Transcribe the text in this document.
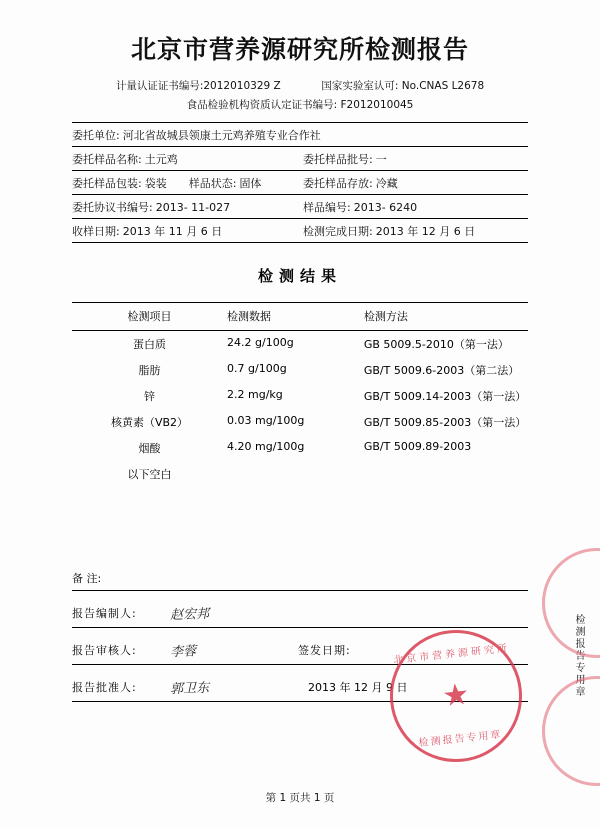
北京市营养源研究所检测报告
计量认证证书编号:2012010329 Z	国家实验室认可: No.CNAS L2678
食品检验机构资质认定证书编号: F2012010045
委托单位: 河北省故城县领康土元鸡养殖专业合作社
委托样品名称: 土元鸡	委托样品批号: 一
委托样品包装: 袋装	样品状态: 固体	委托样品存放: 冷藏
委托协议书编号: 2013- 11-027	样品编号: 2013- 6240
收样日期: 2013 年 11 月 6 日	检测完成日期: 2013 年 12 月 6 日
检测结果
检测项目	检测数据	检测方法
蛋白质	24.2 g/100g	GB 5009.5-2010（第一法）
脂肪	0.7 g/100g	GB/T 5009.6-2003（第二法）
锌	2.2 mg/kg	GB/T 5009.14-2003（第一法）
核黄素（VB2）	0.03 mg/100g	GB/T 5009.85-2003（第一法）
烟酸	4.20 mg/100g	GB/T 5009.89-2003
以下空白		
备 注:
报告编制人:	赵宏邦
报告审核人:	李蓉	签发日期:
报告批准人:	郭卫东	2013 年 12 月 9 日	检测报告专用章
北京市营养源研究所
★
检测报告专用章
第 1 页共 1 页
